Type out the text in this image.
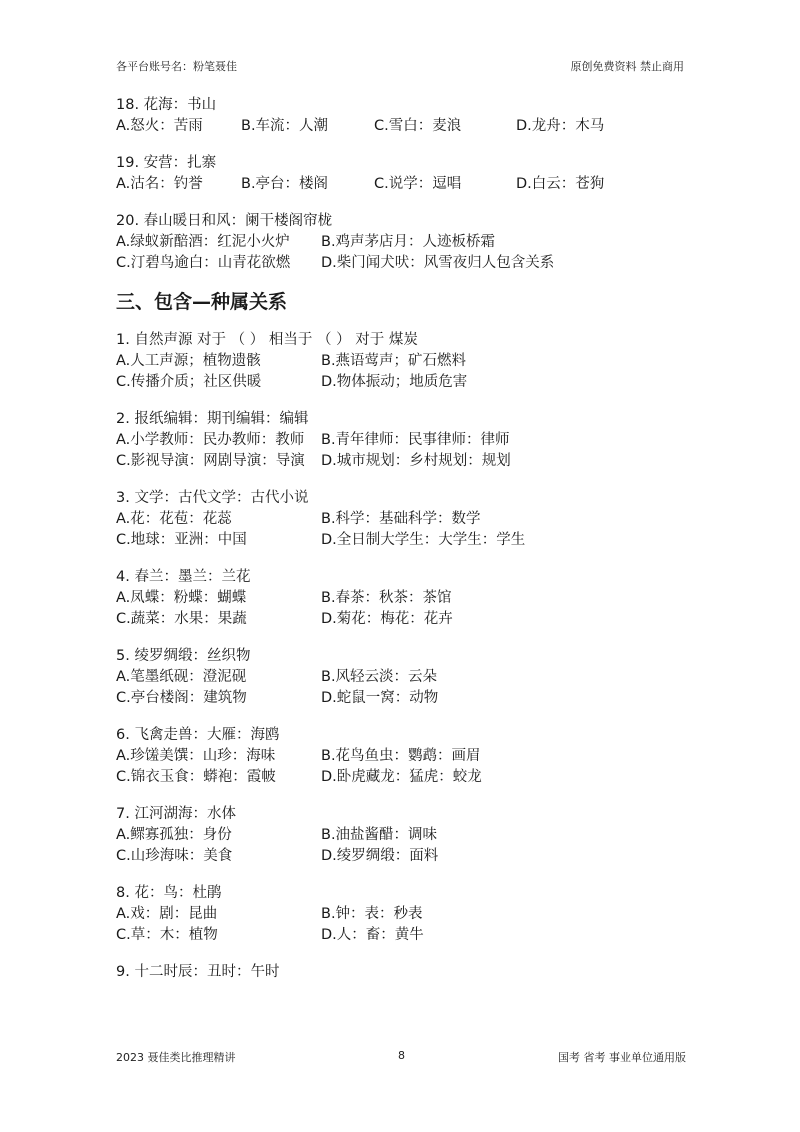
各平台账号名：粉笔聂佳	原创免费资料 禁止商用
18. 花海：书山
A.怒火：苦雨	B.车流：人潮	C.雪白：麦浪	D.龙舟：木马
19. 安营：扎寨
A.沽名：钓誉	B.亭台：楼阁	C.说学：逗唱	D.白云：苍狗
20. 春山暖日和风：阑干楼阁帘栊
A.绿蚁新醅酒：红泥小火炉 B.鸡声茅店月：人迹板桥霜
C.汀碧鸟逾白：山青花欲燃 D.柴门闻犬吠：风雪夜归人包含关系
三、包含—种属关系
1. 自然声源 对于 （ ） 相当于 （ ） 对于 煤炭
A.人工声源；植物遗骸	B.燕语莺声；矿石燃料
C.传播介质；社区供暖	D.物体振动；地质危害
2. 报纸编辑：期刊编辑：编辑
A.小学教师：民办教师：教师 B.青年律师：民事律师：律师
C.影视导演：网剧导演：导演 D.城市规划：乡村规划：规划
3. 文学：古代文学：古代小说
A.花：花苞：花蕊	B.科学：基础科学：数学
C.地球：亚洲：中国	D.全日制大学生：大学生：学生
4. 春兰：墨兰：兰花
A.凤蝶：粉蝶：蝴蝶	B.春茶：秋茶：茶馆
C.蔬菜：水果：果蔬	D.菊花：梅花：花卉
5. 绫罗绸缎：丝织物
A.笔墨纸砚：澄泥砚	B.风轻云淡：云朵
C.亭台楼阁：建筑物	D.蛇鼠一窝：动物
6. 飞禽走兽：大雁：海鸥
A.珍馐美馔：山珍：海味	B.花鸟鱼虫：鹦鹉：画眉
C.锦衣玉食：蟒袍：霞帔	D.卧虎藏龙：猛虎：蛟龙
7. 江河湖海：水体
A.鳏寡孤独：身份	B.油盐酱醋：调味
C.山珍海味：美食	D.绫罗绸缎：面料
8. 花：鸟：杜鹃
A.戏：剧：昆曲	B.钟：表：秒表
C.草：木：植物	D.人：畜：黄牛
9. 十二时辰：丑时：午时
2023 聂佳类比推理精讲	8	国考 省考 事业单位通用版
